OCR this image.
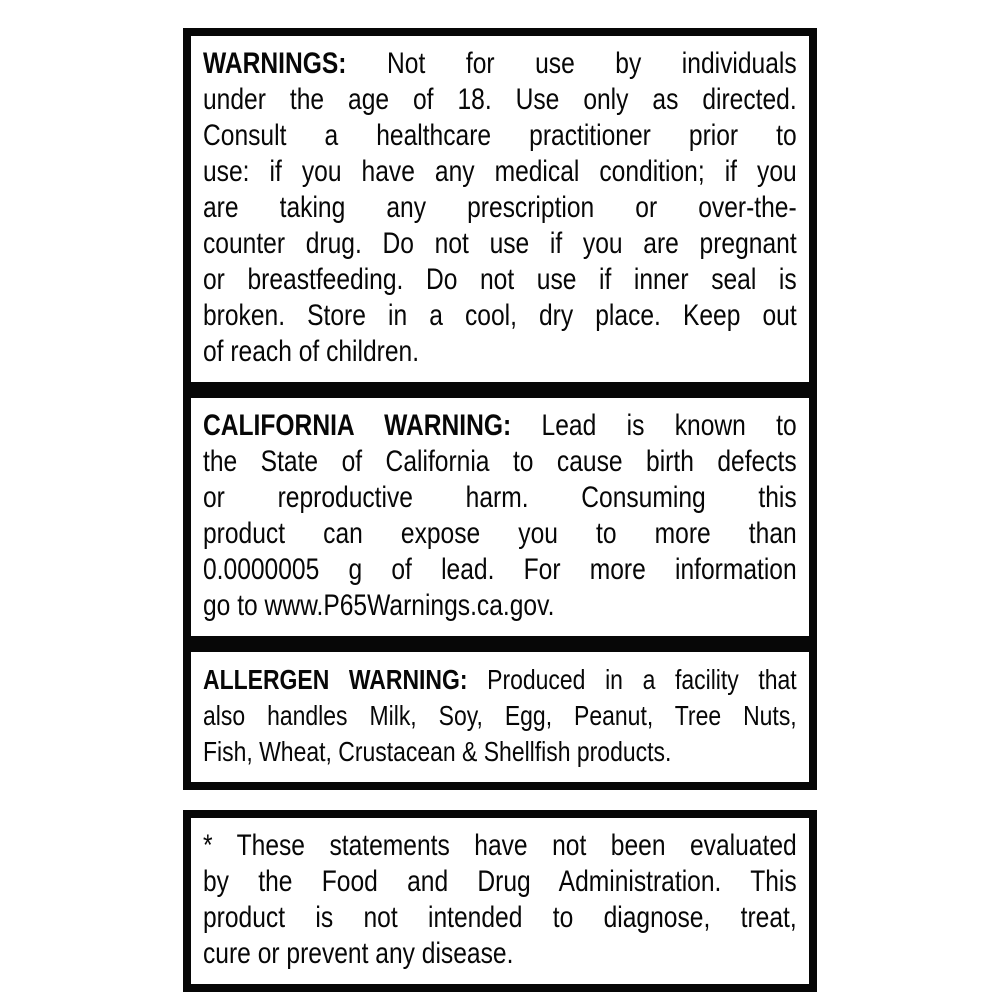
WARNINGS: Not for use by individuals
under the age of 18. Use only as directed.
Consult a healthcare practitioner prior to
use: if you have any medical condition; if you
are taking any prescription or over-the-
counter drug. Do not use if you are pregnant
or breastfeeding. Do not use if inner seal is
broken. Store in a cool, dry place. Keep out
of reach of children.
CALIFORNIA WARNING: Lead is known to
the State of California to cause birth defects
or reproductive harm. Consuming this
product can expose you to more than
0.0000005 g of lead. For more information
go to www.P65Warnings.ca.gov.
ALLERGEN WARNING: Produced in a facility that
also handles Milk, Soy, Egg, Peanut, Tree Nuts,
Fish, Wheat, Crustacean & Shellfish products.
* These statements have not been evaluated
by the Food and Drug Administration. This
product is not intended to diagnose, treat,
cure or prevent any disease.
